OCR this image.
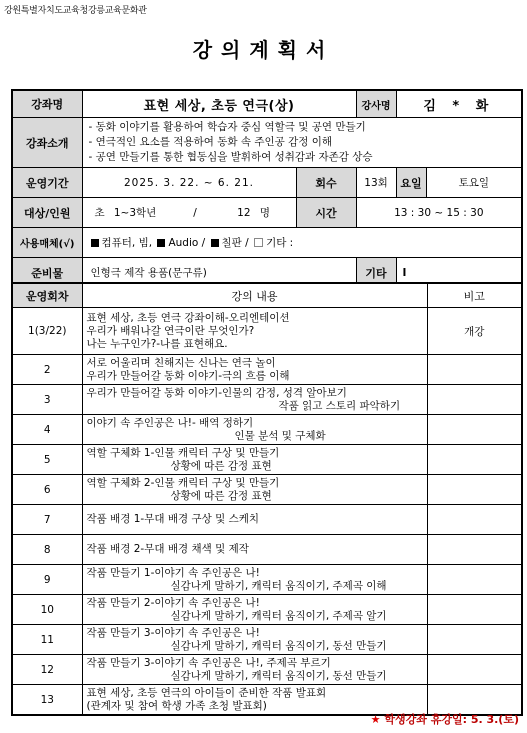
강원특별자치도교육청강릉교육문화관
강의계획서
강좌명	표현 세상, 초등 연극(상)		강사명	김 * 화	
강좌소개	- 동화 이야기를 활용하여 학습자 중심 역할극 및 공연 만들기
- 연극적인 요소를 적용하여 동화 속 주인공 감정 이해
- 공연 만들기를 통한 협동심을 발휘하여 성취감과 자존감 상승				

운영기간	2025. 3. 22. ~ 6. 21.	회수	13회	요일	토요일
대상/인원	초 1~3학년 / 12 명	시간	13 : 30 ~ 15 : 30		
사용매체(√)	컴퓨터, 빔, Audio / 칠판 / 기타 :				
준비물	인형극 제작 용품(문구류)		기타	I	
운영회차	강의 내용	비고
1(3/22)	표현 세상, 초등 연극 강좌이해-오리엔테이션
우리가 배워나갈 연극이란 무엇인가?
나는 누구인가?-나를 표현해요.	개강
2	서로 어울리며 친해지는 신나는 연극 놀이
우리가 만들어갈 동화 이야기-극의 흐름 이해	

3	우리가 만들어갈 동화 이야기-인물의 감정, 성격 알아보기
작품 읽고 스토리 파악하기	

4	이야기 속 주인공은 나!- 배역 정하기
인물 분석 및 구체화	

5	역할 구체화 1-인물 캐릭터 구상 및 만들기
상황에 따른 감정 표현	

6	역할 구체화 2-인물 캐릭터 구상 및 만들기
상황에 따른 감정 표현	

7	작품 배경 1-무대 배경 구상 및 스케치	

8	작품 배경 2-무대 배경 채색 및 제작	

9	작품 만들기 1-이야기 속 주인공은 나!
실감나게 말하기, 캐릭터 움직이기, 주제곡 이해	

10	작품 만들기 2-이야기 속 주인공은 나!
실감나게 말하기, 캐릭터 움직이기, 주제곡 알기	

11	작품 만들기 3-이야기 속 주인공은 나!
실감나게 말하기, 캐릭터 움직이기, 동선 만들기	

12	작품 만들기 3-이야기 속 주인공은 나!, 주제곡 부르기
실감나게 말하기, 캐릭터 움직이기, 동선 만들기	

13	표현 세상, 초등 연극의 아이들이 준비한 작품 발표회
(관계자 및 참여 학생 가족 초청 발표회)	

★ 학생강좌 휴강일: 5. 3.(토)
